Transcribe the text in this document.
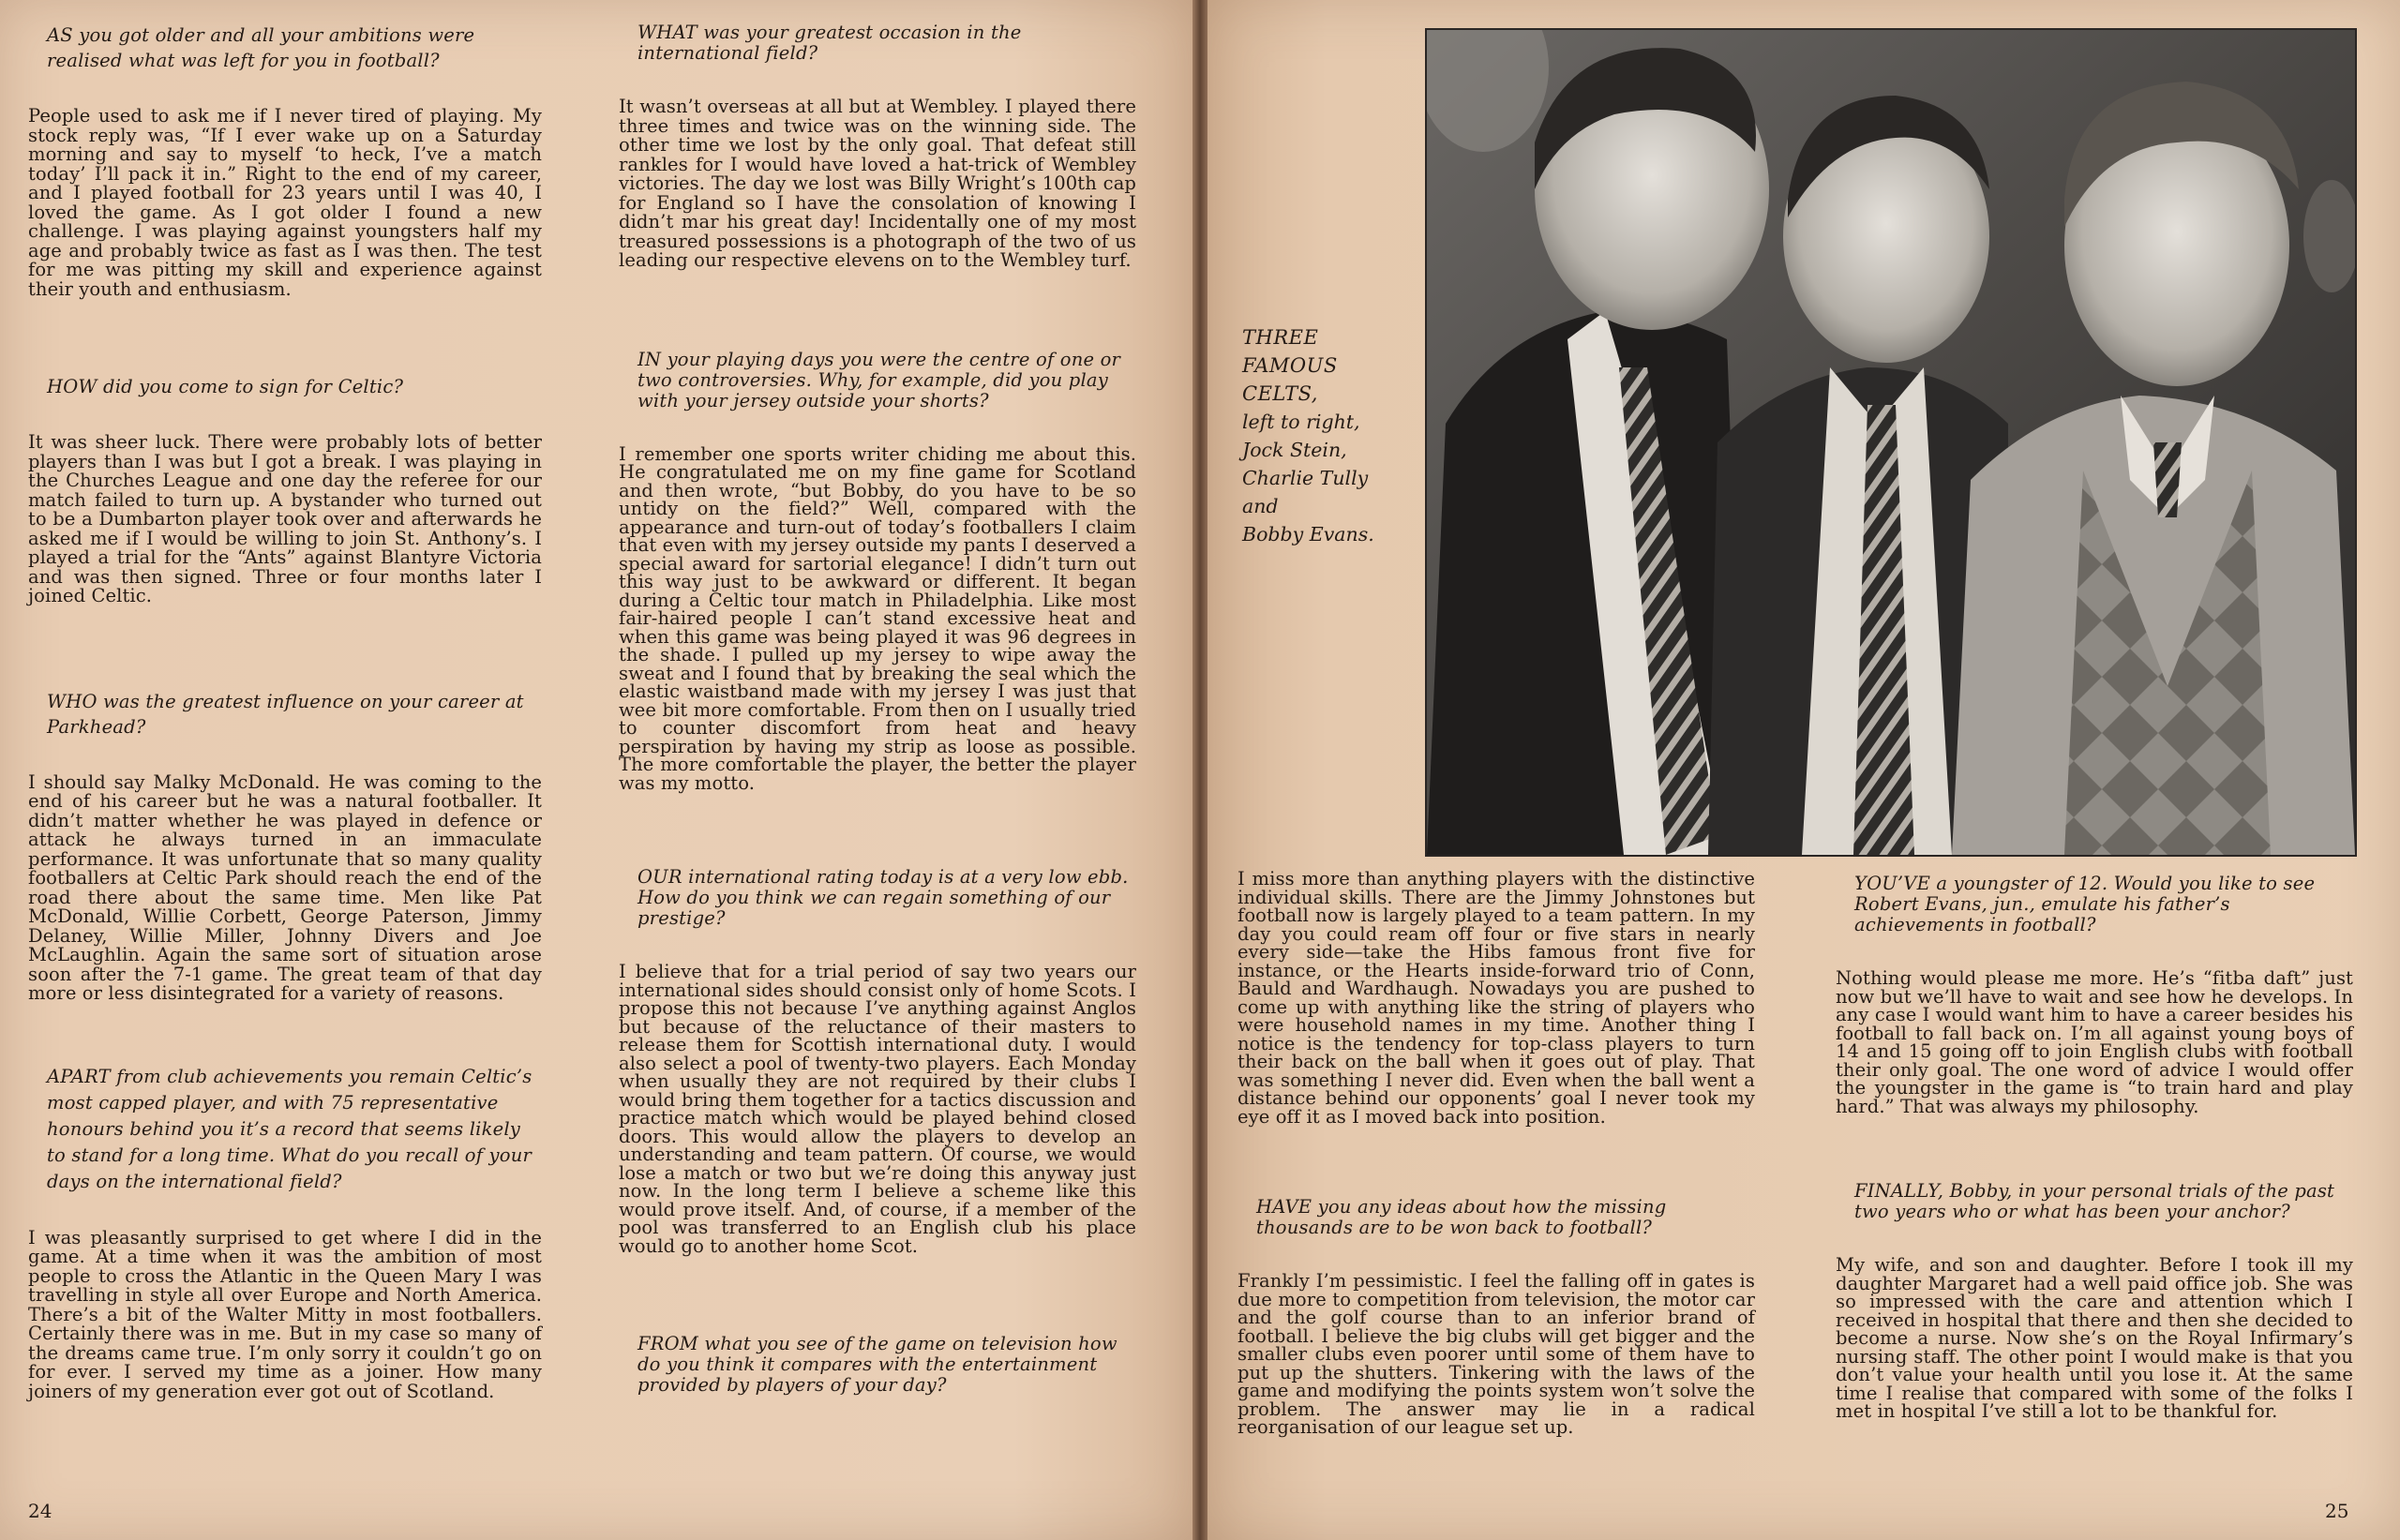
AS you got older and all your ambitions were realised what was left for you in football?

People used to ask me if I never tired of playing. My stock reply was, “If I ever wake up on a Saturday morning and say to myself ‘to heck, I’ve a match today’ I’ll pack it in.” Right to the end of my career, and I played football for 23 years until I was 40, I loved the game. As I got older I found a new challenge. I was playing against youngsters half my age and probably twice as fast as I was then. The test for me was pitting my skill and experience against their youth and enthusiasm.

HOW did you come to sign for Celtic?

It was sheer luck. There were probably lots of better players than I was but I got a break. I was playing in the Churches League and one day the referee for our match failed to turn up. A bystander who turned out to be a Dumbarton player took over and afterwards he asked me if I would be willing to join St. Anthony’s. I played a trial for the “Ants” against Blantyre Victoria and was then signed. Three or four months later I joined Celtic.

WHO was the greatest influence on your career at Parkhead?

I should say Malky McDonald. He was coming to the end of his career but he was a natural footballer. It didn’t matter whether he was played in defence or attack he always turned in an immaculate performance. It was unfortunate that so many quality footballers at Celtic Park should reach the end of the road there about the same time. Men like Pat McDonald, Willie Corbett, George Paterson, Jimmy Delaney, Willie Miller, Johnny Divers and Joe McLaughlin. Again the same sort of situation arose soon after the 7-1 game. The great team of that day more or less disintegrated for a variety of reasons.

APART from club achievements you remain Celtic’s most capped player, and with 75 representative honours behind you it’s a record that seems likely to stand for a long time. What do you recall of your days on the international field?

I was pleasantly surprised to get where I did in the game. At a time when it was the ambition of most people to cross the Atlantic in the Queen Mary I was travelling in style all over Europe and North America. There’s a bit of the Walter Mitty in most footballers. Certainly there was in me. But in my case so many of the dreams came true. I’m only sorry it couldn’t go on for ever. I served my time as a joiner. How many joiners of my generation ever got out of Scotland.

WHAT was your greatest occasion in the international field?

It wasn’t overseas at all but at Wembley. I played there three times and twice was on the winning side. The other time we lost by the only goal. That defeat still rankles for I would have loved a hat-trick of Wembley victories. The day we lost was Billy Wright’s 100th cap for England so I have the consolation of knowing I didn’t mar his great day! Incidentally one of my most treasured possessions is a photograph of the two of us leading our respective elevens on to the Wembley turf.

IN your playing days you were the centre of one or two controversies. Why, for example, did you play with your jersey outside your shorts?

I remember one sports writer chiding me about this. He congratulated me on my fine game for Scotland and then wrote, “but Bobby, do you have to be so untidy on the field?” Well, compared with the appearance and turn-out of today’s footballers I claim that even with my jersey outside my pants I deserved a special award for sartorial elegance! I didn’t turn out this way just to be awkward or different. It began during a Celtic tour match in Philadelphia. Like most fair-haired people I can’t stand excessive heat and when this game was being played it was 96 degrees in the shade. I pulled up my jersey to wipe away the sweat and I found that by breaking the seal which the elastic waistband made with my jersey I was just that wee bit more comfortable. From then on I usually tried to counter discomfort from heat and heavy perspiration by having my strip as loose as possible. The more comfortable the player, the better the player was my motto.

OUR international rating today is at a very low ebb. How do you think we can regain something of our prestige?

I believe that for a trial period of say two years our international sides should consist only of home Scots. I propose this not because I’ve anything against Anglos but because of the reluctance of their masters to release them for Scottish international duty. I would also select a pool of twenty-two players. Each Monday when usually they are not required by their clubs I would bring them together for a tactics discussion and practice match which would be played behind closed doors. This would allow the players to develop an understanding and team pattern. Of course, we would lose a match or two but we’re doing this anyway just now. In the long term I believe a scheme like this would prove itself. And, of course, if a member of the pool was transferred to an English club his place would go to another home Scot.

FROM what you see of the game on television how do you think it compares with the entertainment provided by players of your day?

24
THREE FAMOUS CELTS,
left to right,
Jock Stein,
Charlie Tully
and
Bobby Evans.

I miss more than anything players with the distinctive individual skills. There are the Jimmy Johnstones but football now is largely played to a team pattern. In my day you could ream off four or five stars in nearly every side—take the Hibs famous front five for instance, or the Hearts inside-forward trio of Conn, Bauld and Wardhaugh. Nowadays you are pushed to come up with anything like the string of players who were household names in my time. Another thing I notice is the tendency for top-class players to turn their back on the ball when it goes out of play. That was something I never did. Even when the ball went a distance behind our opponents’ goal I never took my eye off it as I moved back into position.

HAVE you any ideas about how the missing thousands are to be won back to football?

Frankly I’m pessimistic. I feel the falling off in gates is due more to competition from television, the motor car and the golf course than to an inferior brand of football. I believe the big clubs will get bigger and the smaller clubs even poorer until some of them have to put up the shutters. Tinkering with the laws of the game and modifying the points system won’t solve the problem. The answer may lie in a radical reorganisation of our league set up.

YOU’VE a youngster of 12. Would you like to see Robert Evans, jun., emulate his father’s achievements in football?

Nothing would please me more. He’s “fitba daft” just now but we’ll have to wait and see how he develops. In any case I would want him to have a career besides his football to fall back on. I’m all against young boys of 14 and 15 going off to join English clubs with football their only goal. The one word of advice I would offer the youngster in the game is “to train hard and play hard.” That was always my philosophy.

FINALLY, Bobby, in your personal trials of the past two years who or what has been your anchor?

My wife, and son and daughter. Before I took ill my daughter Margaret had a well paid office job. She was so impressed with the care and attention which I received in hospital that there and then she decided to become a nurse. Now she’s on the Royal Infirmary’s nursing staff. The other point I would make is that you don’t value your health until you lose it. At the same time I realise that compared with some of the folks I met in hospital I’ve still a lot to be thankful for.

25
